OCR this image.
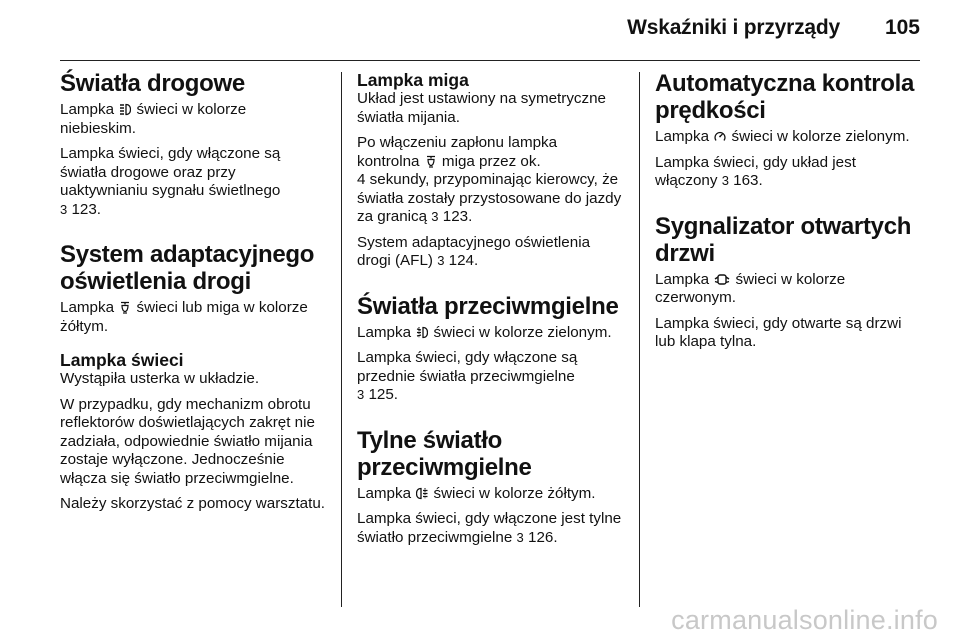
Wskaźniki i przyrządy 105
Światła drogowe

Lampka  świeci w kolorze niebieskim.

Lampka świeci, gdy włączone są światła drogowe oraz przy uaktywnianiu sygnału świetlnego
3 123.

System adaptacyjnego oświetlenia drogi

Lampka  świeci lub miga w kolorze żółtym.

Lampka świeci

Wystąpiła usterka w układzie.

W przypadku, gdy mechanizm obrotu reflektorów doświetlających zakręt nie zadziała, odpowiednie światło mijania zostaje wyłączone. Jednocześnie włącza się światło przeciwmgielne.

Należy skorzystać z pomocy warsztatu.

Lampka miga

Układ jest ustawiony na symetryczne światła mijania.

Po włączeniu zapłonu lampka kontrolna  miga przez ok.
4 sekundy, przypominając kierowcy, że światła zostały przystosowane do jazdy za granicą 3 123.

System adaptacyjnego oświetlenia drogi (AFL) 3 124.

Światła przeciwmgielne

Lampka  świeci w kolorze zielonym.

Lampka świeci, gdy włączone są przednie światła przeciwmgielne
3 125.

Tylne światło przeciwmgielne

Lampka  świeci w kolorze żółtym.

Lampka świeci, gdy włączone jest tylne światło przeciwmgielne 3 126.

Automatyczna kontrola prędkości

Lampka  świeci w kolorze zielonym.

Lampka świeci, gdy układ jest włączony 3 163.

Sygnalizator otwartych drzwi

Lampka  świeci w kolorze czerwonym.

Lampka świeci, gdy otwarte są drzwi lub klapa tylna.

carmanualsonline.info
